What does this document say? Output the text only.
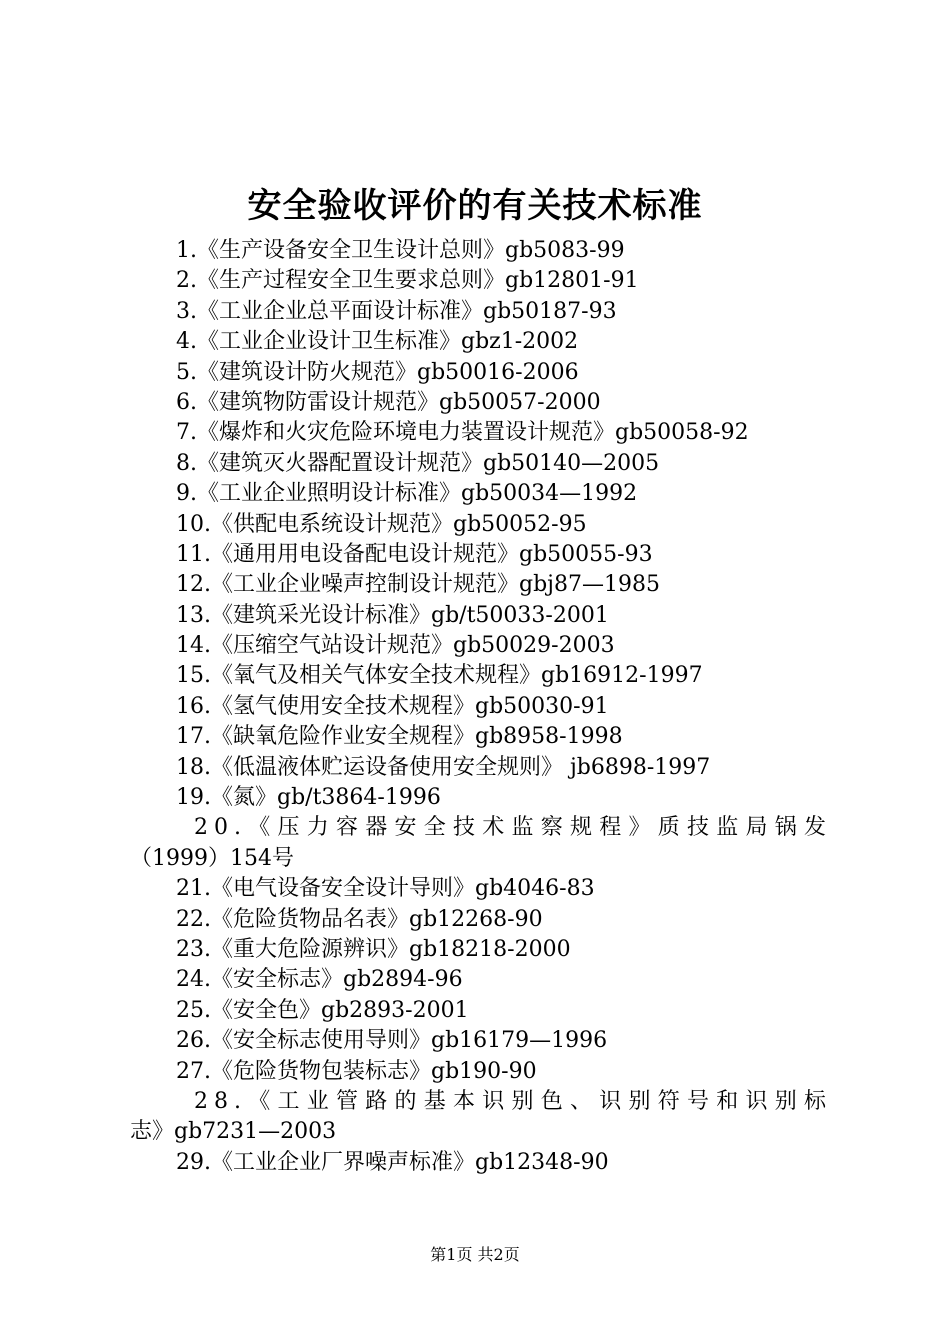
安全验收评价的有关技术标准
1.《生产设备安全卫生设计总则》gb5083-99
2.《生产过程安全卫生要求总则》gb12801-91
3.《工业企业总平面设计标准》gb50187-93
4.《工业企业设计卫生标准》gbz1-2002
5.《建筑设计防火规范》gb50016-2006
6.《建筑物防雷设计规范》gb50057-2000
7.《爆炸和火灾危险环境电力装置设计规范》gb50058-92
8.《建筑灭火器配置设计规范》gb50140—2005
9.《工业企业照明设计标准》gb50034—1992
10.《供配电系统设计规范》gb50052-95
11.《通用用电设备配电设计规范》gb50055-93
12.《工业企业噪声控制设计规范》gbj87—1985
13.《建筑采光设计标准》gb/t50033-2001
14.《压缩空气站设计规范》gb50029-2003
15.《氧气及相关气体安全技术规程》gb16912-1997
16.《氢气使用安全技术规程》gb50030-91
17.《缺氧危险作业安全规程》gb8958-1998
18.《低温液体贮运设备使用安全规则》 jb6898-1997
19.《氮》gb/t3864-1996
20.《压力容器安全技术监察规程》质技监局锅发
（1999）154号
21.《电气设备安全设计导则》gb4046-83
22.《危险货物品名表》gb12268-90
23.《重大危险源辨识》gb18218-2000
24.《安全标志》gb2894-96
25.《安全色》gb2893-2001
26.《安全标志使用导则》gb16179—1996
27.《危险货物包装标志》gb190-90
28.《工业管路的基本识别色、识别符号和识别标
志》gb7231—2003
29.《工业企业厂界噪声标准》gb12348-90
第1页 共2页
